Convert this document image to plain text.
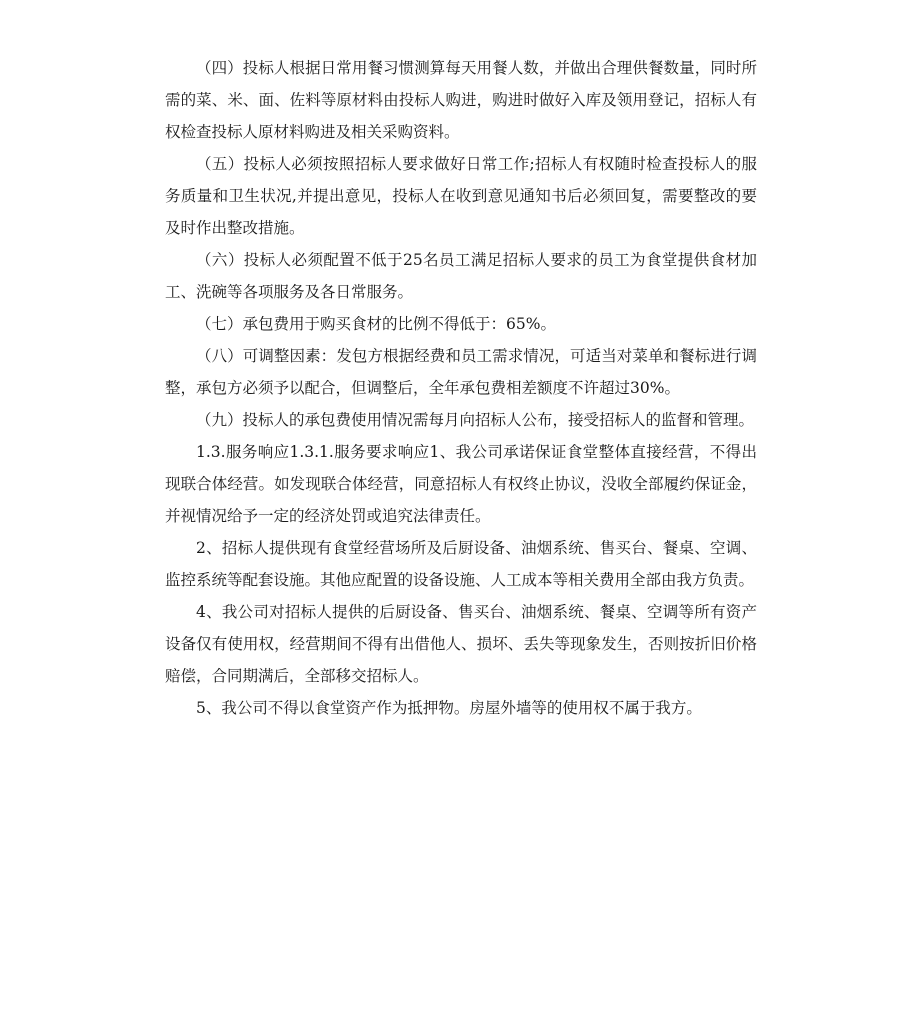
（四）投标人根据日常用餐习惯测算每天用餐人数，并做出合理供餐数量，同时所需的菜、米、面、佐料等原材料由投标人购进，购进时做好入库及领用登记，招标人有权检查投标人原材料购进及相关采购资料。

（五）投标人必须按照招标人要求做好日常工作;招标人有权随时检查投标人的服务质量和卫生状况,并提出意见，投标人在收到意见通知书后必须回复，需要整改的要及时作出整改措施。

（六）投标人必须配置不低于25名员工满足招标人要求的员工为食堂提供食材加工、洗碗等各项服务及各日常服务。

（七）承包费用于购买食材的比例不得低于：65%。

（八）可调整因素：发包方根据经费和员工需求情况，可适当对菜单和餐标进行调整，承包方必须予以配合，但调整后，全年承包费相差额度不许超过30%。

（九）投标人的承包费使用情况需每月向招标人公布，接受招标人的监督和管理。

1.3.服务响应1.3.1.服务要求响应1、我公司承诺保证食堂整体直接经营，不得出现联合体经营。如发现联合体经营，同意招标人有权终止协议，没收全部履约保证金，并视情况给予一定的经济处罚或追究法律责任。

2、招标人提供现有食堂经营场所及后厨设备、油烟系统、售买台、餐桌、空调、监控系统等配套设施。其他应配置的设备设施、人工成本等相关费用全部由我方负责。

4、我公司对招标人提供的后厨设备、售买台、油烟系统、餐桌、空调等所有资产设备仅有使用权，经营期间不得有出借他人、损坏、丢失等现象发生，否则按折旧价格赔偿，合同期满后，全部移交招标人。

5、我公司不得以食堂资产作为抵押物。房屋外墙等的使用权不属于我方。
